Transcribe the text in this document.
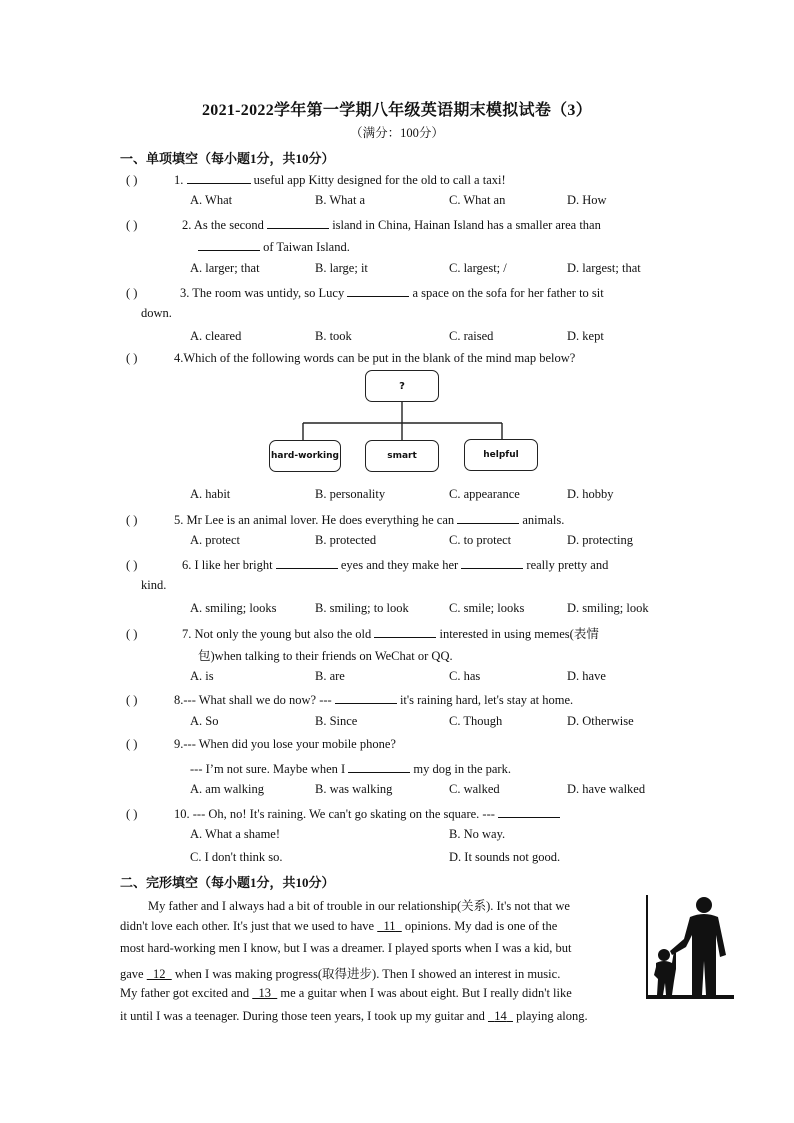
2021-2022学年第一学期八年级英语期末模拟试卷（3）
（满分：100分）
一、单项填空（每小题1分，共10分）
( )	1.	useful app Kitty designed for the old to call a taxi!
A. What	B. What a	C. What an	D. How
( )	2. As the second	island in China, Hainan Island has a smaller area than
of Taiwan Island.
A. larger; that	B. large; it	C. largest; /	D. largest; that
( )	3. The room was untidy, so Lucy	a space on the sofa for her father to sit
down.
A. cleared	B. took	C. raised	D. kept
( )	4.Which of the following words can be put in the blank of the mind map below?
?
hard-working	smart	helpful
A. habit	B. personality	C. appearance	D. hobby
( )	5. Mr Lee is an animal lover. He does everything he can	animals.
A. protect	B. protected	C. to protect	D. protecting
( )	6. I like her bright	eyes and they make her	really pretty and
kind.
A. smiling; looks	B. smiling; to look	C. smile; looks	D. smiling; look
( )	7. Not only the young but also the old	interested in using memes(表情
包)when talking to their friends on WeChat or QQ.
A. is	B. are	C. has	D. have
( )	8.--- What shall we do now? ---	it's raining hard, let's stay at home.
A. So	B. Since	C. Though	D. Otherwise
( )	9.--- When did you lose your mobile phone?
--- I’m not sure. Maybe when I	my dog in the park.
A. am walking	B. was walking	C. walked	D. have walked
( )	10. --- Oh, no! It's raining. We can't go skating on the square. ---
A. What a shame!	B. No way.
C. I don't think so.	D. It sounds not good.
二、完形填空（每小题1分，共10分）
My father and I always had a bit of trouble in our relationship(关系). It's not that we
didn't love each other. It's just that we used to have   11   opinions. My dad is one of the
most hard-working men I know, but I was a dreamer. I played sports when I was a kid, but
gave   12   when I was making progress(取得进步). Then I showed an interest in music.
My father got excited and   13   me a guitar when I was about eight. But I really didn't like
it until I was a teenager. During those teen years, I took up my guitar and   14   playing along.
